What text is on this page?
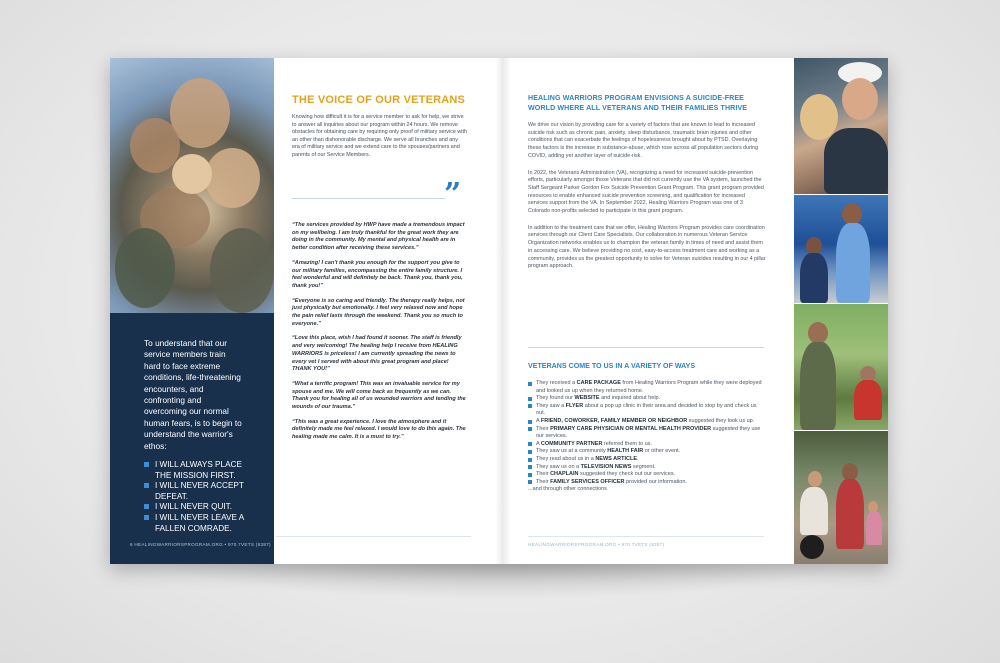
To understand that our service members train hard to face extreme conditions, life-threatening encounters, and confronting and overcoming our normal human fears, is to begin to understand the warrior's ethos:

I WILL ALWAYS PLACE THE MISSION FIRST.
I WILL NEVER ACCEPT DEFEAT.
I WILL NEVER QUIT.
I WILL NEVER LEAVE A FALLEN COMRADE.
6 HEALINGWARRIORSPROGRAM.ORG • 970.7VETS (8387)
THE VOICE OF OUR VETERANS

Knowing how difficult it is for a service member to ask for help, we strive to answer all inquiries about our program within 24 hours. We remove obstacles for obtaining care by requiring only proof of military service with an other than dishonorable discharge. We serve all branches and any era of military service and we extend care to the spouses/partners and parents of our Service Members.

”

“The services provided by HWP have made a tremendous impact on my wellbeing. I am truly thankful for the great work they are doing in the community. My mental and physical health are in better condition after receiving these services.”

“Amazing! I can't thank you enough for the support you give to our military families, encompassing the entire family structure. I feel wonderful and will definitely be back. Thank you, thank you, thank you!”

“Everyone is so caring and friendly. The therapy really helps, not just physically but emotionally. I feel very relaxed now and hope the pain relief lasts through the weekend. Thank you so much to everyone.”

“Love this place, wish I had found it sooner. The staff is friendly and very welcoming! The healing help I receive from HEALING WARRIORS is priceless! I am currently spreading the news to every vet I served with about this great program and place! THANK YOU!”

“What a terrific program! This was an invaluable service for my spouse and me. We will come back as frequently as we can. Thank you for healing all of us wounded warriors and tending the wounds of our trauma.”

“This was a great experience. I love the atmosphere and it definitely made me feel relaxed. I would love to do this again. The healing made me calm. It is a must to try.”

HEALING WARRIORS PROGRAM ENVISIONS A SUICIDE-FREE WORLD WHERE ALL VETERANS AND THEIR FAMILIES THRIVE

We drive our vision by providing care for a variety of factors that are known to lead to increased suicide risk such as chronic pain, anxiety, sleep disturbance, traumatic brain injuries and other conditions that can exacerbate the feelings of hopelessness brought about by PTSD. Overlaying these factors is the increase in substance-abuse, which rose across all population sectors during COVID, adding yet another layer of suicide-risk.

In 2022, the Veterans Administration (VA), recognizing a need for increased suicide-prevention efforts, particularly amongst those Veterans that did not currently use the VA system, launched the Staff Sergeant Parker Gordon Fox Suicide Prevention Grant Program. This grant program provided resources to enable enhanced suicide prevention screening, and qualification for increased services support from the VA. In September 2022, Healing Warriors Program was one of 3 Colorado non-profits selected to participate in this grant program.

In addition to the treatment care that we offer, Healing Warriors Program provides care coordination services through our Client Care Specialists. Our collaboration in numerous Veteran Service Organization networks enables us to champion the veteran family in times of need and assist them in accessing care. We believe providing no cost, easy-to-access treatment care and working as a community, provides us the greatest opportunity to solve for Veteran suicides resulting in our 4 pillar program approach.

VETERANS COME TO US IN A VARIETY OF WAYS
They received a CARE PACKAGE from Healing Warriors Program while they were deployed and looked us up when they returned home.
They found our WEBSITE and inquired about help.
They saw a FLYER about a pop up clinic in their area and decided to stop by and check us out.
A FRIEND, COWORKER, FAMILY MEMBER OR NEIGHBOR suggested they look us up.
Their PRIMARY CARE PHYSICIAN OR MENTAL HEALTH PROVIDER suggested they use our services.
A COMMUNITY PARTNER referred them to us.
They saw us at a community HEALTH FAIR or other event.
They read about us in a NEWS ARTICLE.
They saw us on a TELEVISION NEWS segment.
Their CHAPLAIN suggested they check out our services.
Their FAMILY SERVICES OFFICER provided our information.
...and through other connections
HEALINGWARRIORSPROGRAM.ORG • 970.7VETS (8387)
